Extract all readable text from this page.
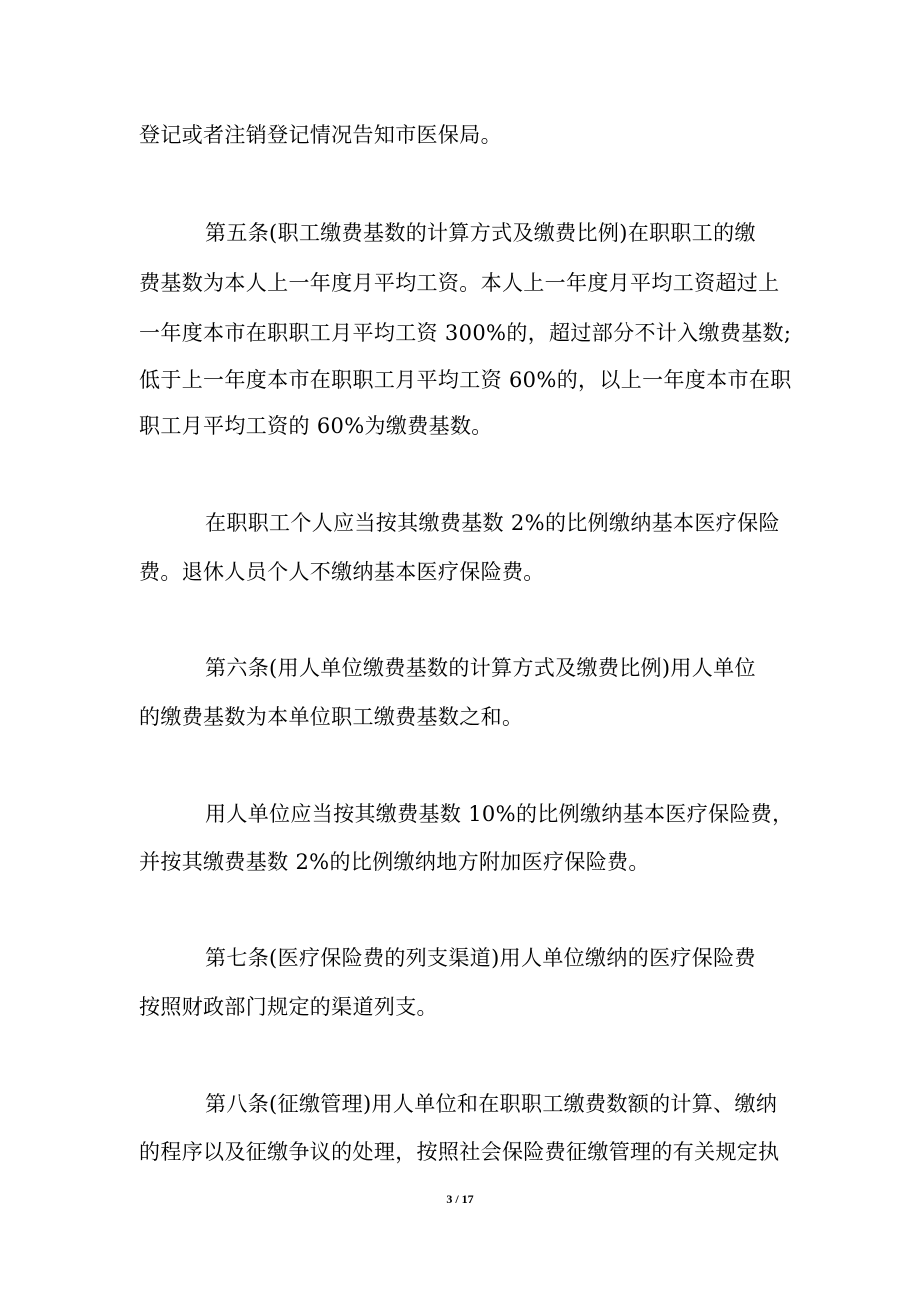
登记或者注销登记情况告知市医保局。
第五条(职工缴费基数的计算方式及缴费比例)在职职工的缴
费基数为本人上一年度月平均工资。本人上一年度月平均工资超过上
一年度本市在职职工月平均工资 300%的，超过部分不计入缴费基数;
低于上一年度本市在职职工月平均工资 60%的，以上一年度本市在职
职工月平均工资的 60%为缴费基数。
在职职工个人应当按其缴费基数 2%的比例缴纳基本医疗保险
费。退休人员个人不缴纳基本医疗保险费。
第六条(用人单位缴费基数的计算方式及缴费比例)用人单位
的缴费基数为本单位职工缴费基数之和。
用人单位应当按其缴费基数 10%的比例缴纳基本医疗保险费，
并按其缴费基数 2%的比例缴纳地方附加医疗保险费。
第七条(医疗保险费的列支渠道)用人单位缴纳的医疗保险费
按照财政部门规定的渠道列支。
第八条(征缴管理)用人单位和在职职工缴费数额的计算、缴纳
的程序以及征缴争议的处理，按照社会保险费征缴管理的有关规定执
3 / 17
